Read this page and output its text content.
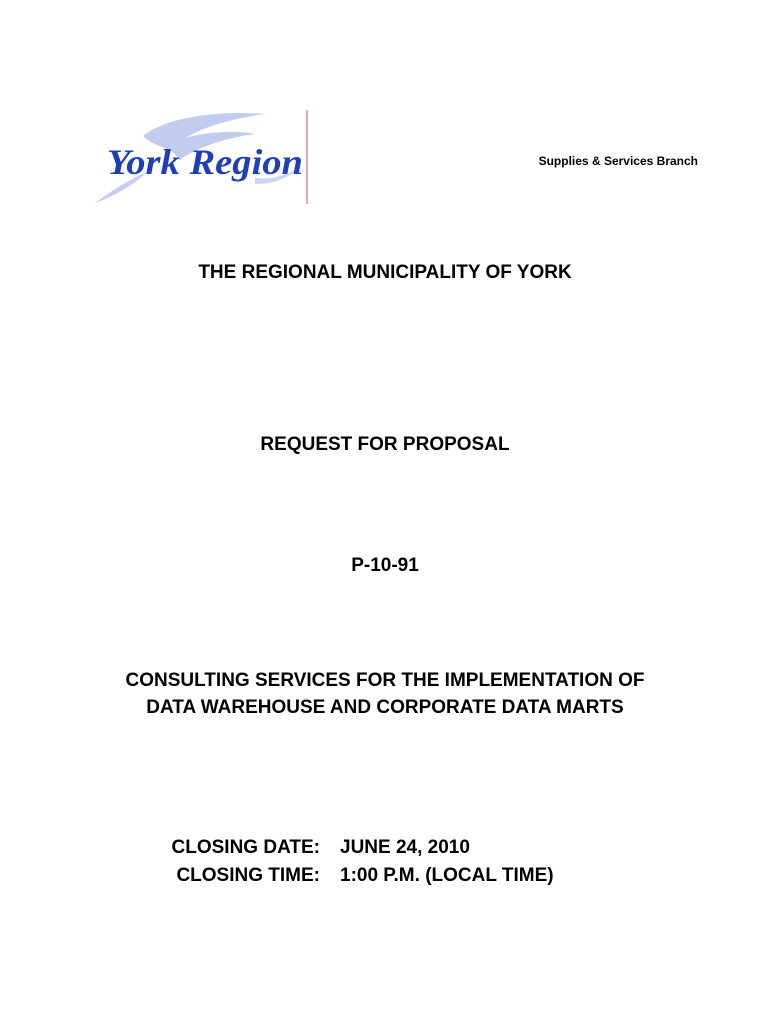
York Region	Supplies & Services Branch
THE REGIONAL MUNICIPALITY OF YORK
REQUEST FOR PROPOSAL
P-10-91
CONSULTING SERVICES FOR THE IMPLEMENTATION OF
DATA WAREHOUSE AND CORPORATE DATA MARTS
CLOSING DATE:	JUNE 24, 2010
CLOSING TIME:	1:00 P.M. (LOCAL TIME)
